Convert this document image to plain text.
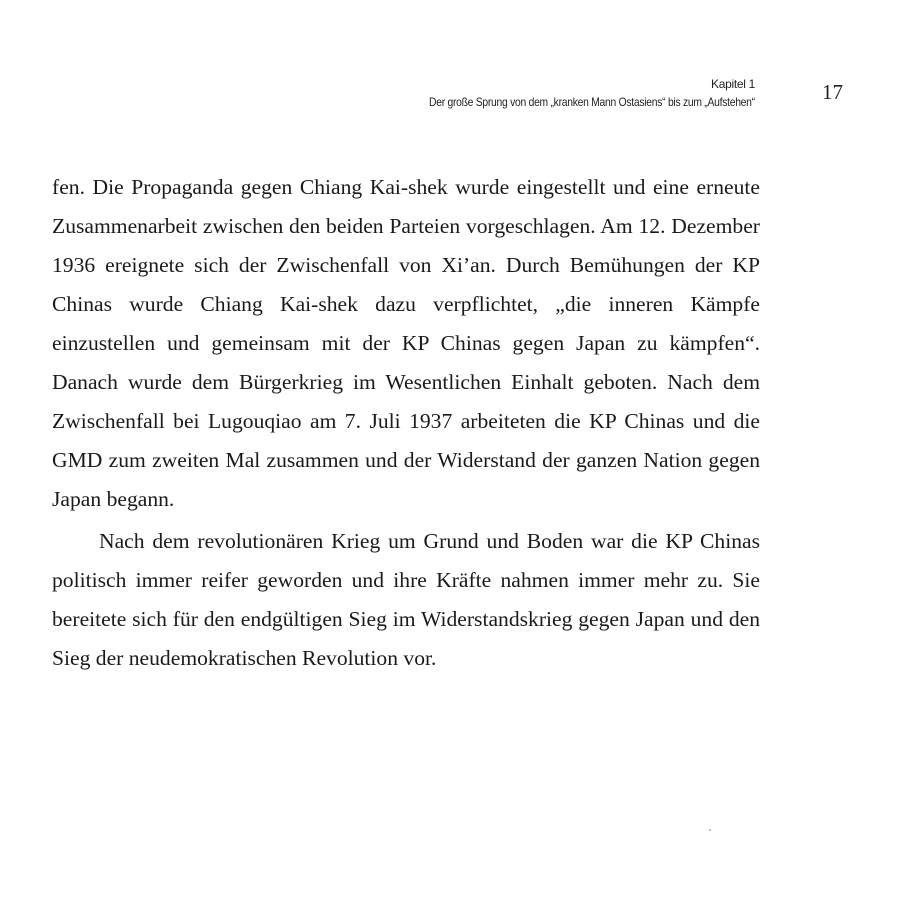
Kapitel 1
Der große Sprung von dem „kranken Mann Ostasiens“ bis zum „Aufstehen“	17

fen. Die Propaganda gegen Chiang Kai-shek wurde eingestellt und eine erneute Zusammenarbeit zwischen den beiden Parteien vorgeschlagen. Am 12. Dezember 1936 ereignete sich der Zwischenfall von Xi’an. Durch Bemühungen der KP Chinas wurde Chiang Kai-shek dazu verpflichtet, „die inneren Kämpfe einzustellen und gemeinsam mit der KP Chinas gegen Japan zu kämpfen“. Danach wurde dem Bürgerkrieg im Wesentlichen Einhalt geboten. Nach dem Zwischenfall bei Lugouqiao am 7. Juli 1937 arbeiteten die KP Chinas und die GMD zum zweiten Mal zusammen und der Widerstand der ganzen Nation gegen Japan begann.

Nach dem revolutionären Krieg um Grund und Boden war die KP Chinas politisch immer reifer geworden und ihre Kräfte nahmen immer mehr zu. Sie bereitete sich für den endgültigen Sieg im Widerstandskrieg gegen Japan und den Sieg der neudemokratischen Revolution vor.
